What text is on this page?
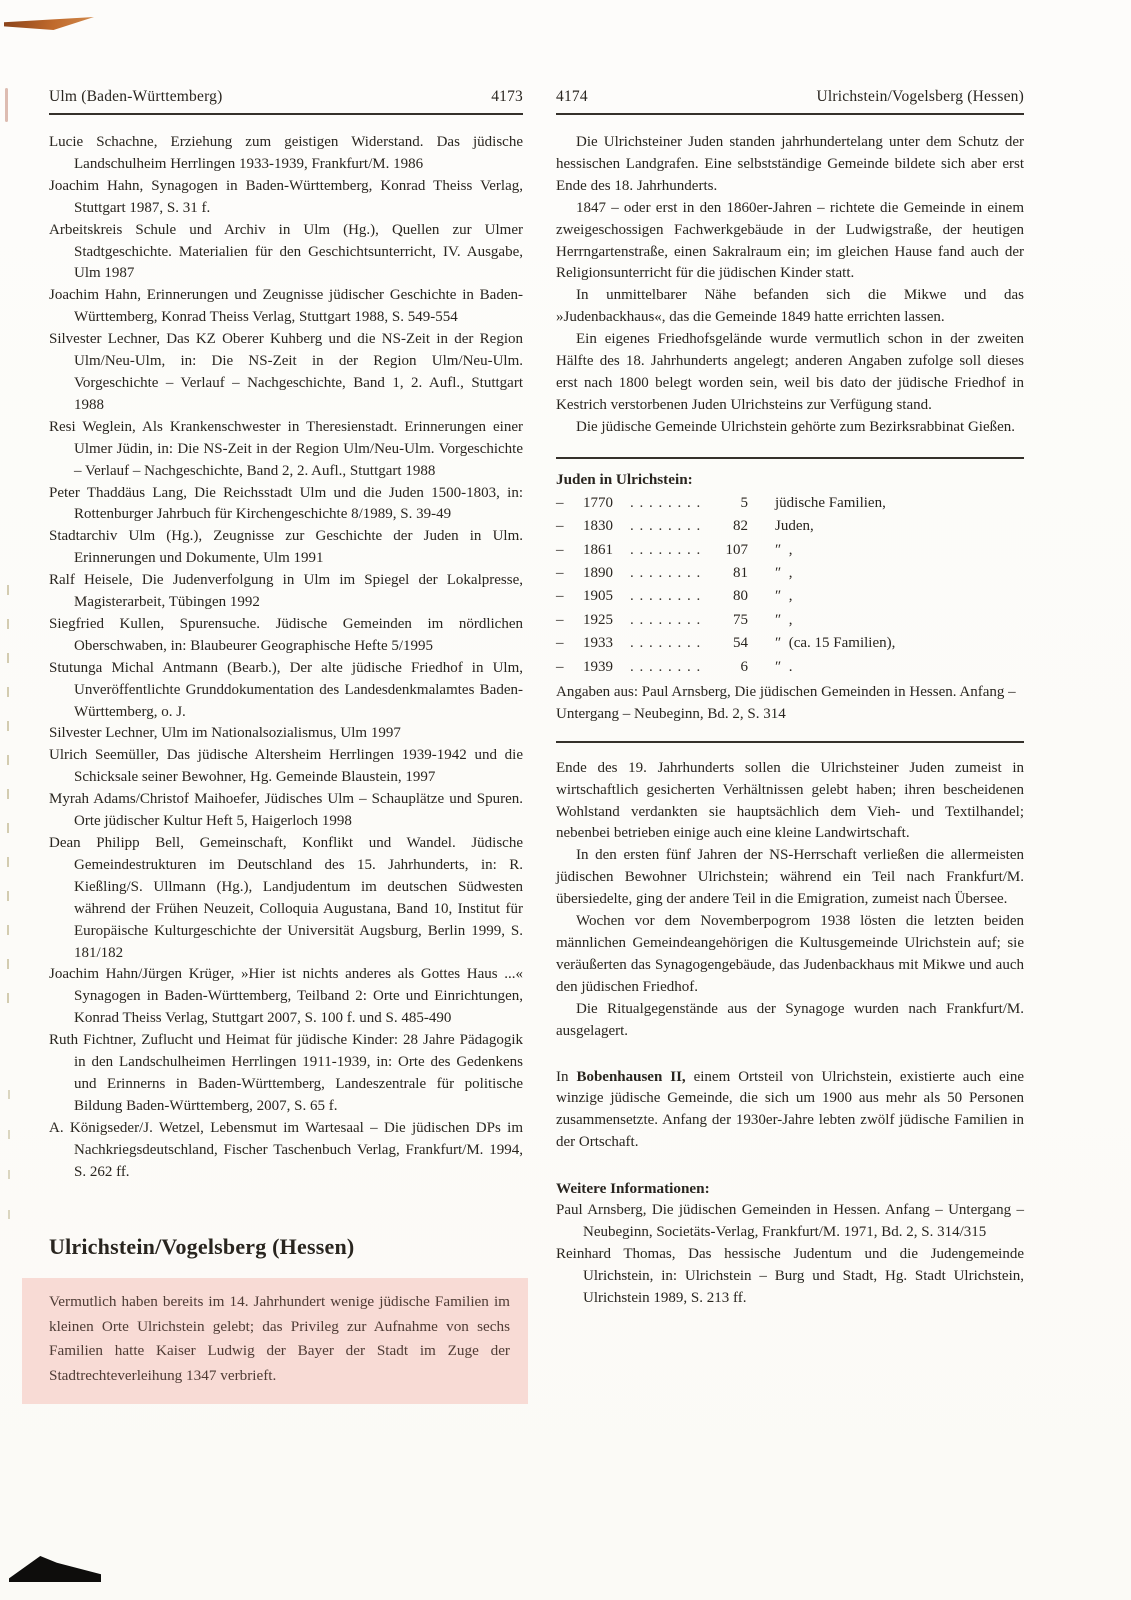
Ulm (Baden-Württemberg)	4173

Lucie Schachne, Erziehung zum geistigen Widerstand. Das jüdische Landschulheim Herrlingen 1933-1939, Frankfurt/M. 1986

Joachim Hahn, Synagogen in Baden-Württemberg, Konrad Theiss Verlag, Stuttgart 1987, S. 31 f.

Arbeitskreis Schule und Archiv in Ulm (Hg.), Quellen zur Ulmer Stadtgeschichte. Materialien für den Geschichtsunterricht, IV. Ausgabe, Ulm 1987

Joachim Hahn, Erinnerungen und Zeugnisse jüdischer Geschichte in Baden-Württemberg, Konrad Theiss Verlag, Stuttgart 1988, S. 549-554

Silvester Lechner, Das KZ Oberer Kuhberg und die NS-Zeit in der Region Ulm/Neu-Ulm, in: Die NS-Zeit in der Region Ulm/Neu-Ulm. Vorgeschichte – Verlauf – Nachgeschichte, Band 1, 2. Aufl., Stuttgart 1988

Resi Weglein, Als Krankenschwester in Theresienstadt. Erinnerungen einer Ulmer Jüdin, in: Die NS-Zeit in der Region Ulm/Neu-Ulm. Vorgeschichte – Verlauf – Nachgeschichte, Band 2, 2. Aufl., Stuttgart 1988

Peter Thaddäus Lang, Die Reichsstadt Ulm und die Juden 1500-1803, in: Rottenburger Jahrbuch für Kirchengeschichte 8/1989, S. 39-49

Stadtarchiv Ulm (Hg.), Zeugnisse zur Geschichte der Juden in Ulm. Erinnerungen und Dokumente, Ulm 1991

Ralf Heisele, Die Judenverfolgung in Ulm im Spiegel der Lokalpresse, Magisterarbeit, Tübingen 1992

Siegfried Kullen, Spurensuche. Jüdische Gemeinden im nördlichen Oberschwaben, in: Blaubeurer Geographische Hefte 5/1995

Stutunga Michal Antmann (Bearb.), Der alte jüdische Friedhof in Ulm, Unveröffentlichte Grunddokumentation des Landesdenkmalamtes Baden-Württemberg, o. J.

Silvester Lechner, Ulm im Nationalsozialismus, Ulm 1997

Ulrich Seemüller, Das jüdische Altersheim Herrlingen 1939-1942 und die Schicksale seiner Bewohner, Hg. Gemeinde Blaustein, 1997

Myrah Adams/Christof Maihoefer, Jüdisches Ulm – Schauplätze und Spuren. Orte jüdischer Kultur Heft 5, Haigerloch 1998

Dean Philipp Bell, Gemeinschaft, Konflikt und Wandel. Jüdische Gemeindestrukturen im Deutschland des 15. Jahrhunderts, in: R. Kießling/S. Ullmann (Hg.), Landjudentum im deutschen Südwesten während der Frühen Neuzeit, Colloquia Augustana, Band 10, Institut für Europäische Kulturgeschichte der Universität Augsburg, Berlin 1999, S. 181/182

Joachim Hahn/Jürgen Krüger, »Hier ist nichts anderes als Gottes Haus ...« Synagogen in Baden-Württemberg, Teilband 2: Orte und Einrichtungen, Konrad Theiss Verlag, Stuttgart 2007, S. 100 f. und S. 485-490

Ruth Fichtner, Zuflucht und Heimat für jüdische Kinder: 28 Jahre Pädagogik in den Landschulheimen Herrlingen 1911-1939, in: Orte des Gedenkens und Erinnerns in Baden-Württemberg, Landeszentrale für politische Bildung Baden-Württemberg, 2007, S. 65 f.

A. Königseder/J. Wetzel, Lebensmut im Wartesaal – Die jüdischen DPs im Nachkriegsdeutschland, Fischer Taschenbuch Verlag, Frankfurt/M. 1994, S. 262 ff.

Ulrichstein/Vogelsberg (Hessen)

Vermutlich haben bereits im 14. Jahrhundert wenige jüdische Familien im kleinen Orte Ulrichstein gelebt; das Privileg zur Aufnahme von sechs Familien hatte Kaiser Ludwig der Bayer der Stadt im Zuge der Stadtrechteverleihung 1347 verbrieft.

4174	Ulrichstein/Vogelsberg (Hessen)

Die Ulrichsteiner Juden standen jahrhundertelang unter dem Schutz der hessischen Landgrafen. Eine selbstständige Gemeinde bildete sich aber erst Ende des 18. Jahrhunderts.

1847 – oder erst in den 1860er-Jahren – richtete die Gemeinde in einem zweigeschossigen Fachwerkgebäude in der Ludwigstraße, der heutigen Herrngartenstraße, einen Sakralraum ein; im gleichen Hause fand auch der Religionsunterricht für die jüdischen Kinder statt.

In unmittelbarer Nähe befanden sich die Mikwe und das »Judenbackhaus«, das die Gemeinde 1849 hatte errichten lassen.

Ein eigenes Friedhofsgelände wurde vermutlich schon in der zweiten Hälfte des 18. Jahrhunderts angelegt; anderen Angaben zufolge soll dieses erst nach 1800 belegt worden sein, weil bis dato der jüdische Friedhof in Kestrich verstorbenen Juden Ulrichsteins zur Verfügung stand.

Die jüdische Gemeinde Ulrichstein gehörte zum Bezirksrabbinat Gießen.

Juden in Ulrichstein:
–	1770 . . .	5 jüdische Familien,
–	1830 . . .	82 Juden,
–	1861 . . .	107 ″  ,
–	1890 . . .	81 ″  ,
–	1905 . . .	80 ″  ,
–	1925 . . .	75 ″  ,
–	1933 . . .	54 ″  (ca. 15 Familien),
–	1939 . . .	6 ″  .

Angaben aus: Paul Arnsberg, Die jüdischen Gemeinden in Hessen. Anfang – Untergang – Neubeginn, Bd. 2, S. 314

Ende des 19. Jahrhunderts sollen die Ulrichsteiner Juden zumeist in wirtschaftlich gesicherten Verhältnissen gelebt haben; ihren bescheidenen Wohlstand verdankten sie hauptsächlich dem Vieh- und Textilhandel; nebenbei betrieben einige auch eine kleine Landwirtschaft.

In den ersten fünf Jahren der NS-Herrschaft verließen die allermeisten jüdischen Bewohner Ulrichstein; während ein Teil nach Frankfurt/M. übersiedelte, ging der andere Teil in die Emigration, zumeist nach Übersee.

Wochen vor dem Novemberpogrom 1938 lösten die letzten beiden männlichen Gemeindeangehörigen die Kultusgemeinde Ulrichstein auf; sie veräußerten das Synagogengebäude, das Judenbackhaus mit Mikwe und auch den jüdischen Friedhof.

Die Ritualgegenstände aus der Synagoge wurden nach Frankfurt/M. ausgelagert.

In Bobenhausen II, einem Ortsteil von Ulrichstein, existierte auch eine winzige jüdische Gemeinde, die sich um 1900 aus mehr als 50 Personen zusammensetzte. Anfang der 1930er-Jahre lebten zwölf jüdische Familien in der Ortschaft.

Weitere Informationen:

Paul Arnsberg, Die jüdischen Gemeinden in Hessen. Anfang – Untergang – Neubeginn, Societäts-Verlag, Frankfurt/M. 1971, Bd. 2, S. 314/315

Reinhard Thomas, Das hessische Judentum und die Judengemeinde Ulrichstein, in: Ulrichstein – Burg und Stadt, Hg. Stadt Ulrichstein, Ulrichstein 1989, S. 213 ff.
